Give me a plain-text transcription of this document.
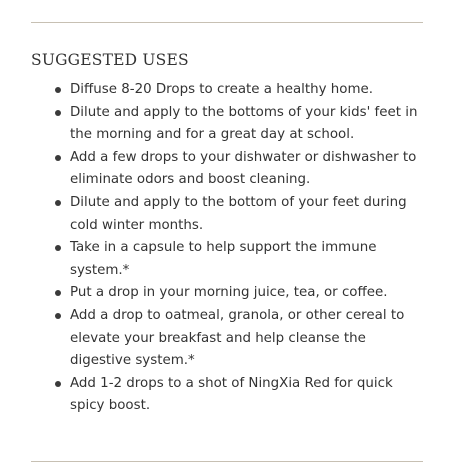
SUGGESTED USES
Diffuse 8-20 Drops to create a healthy home.
Dilute and apply to the bottoms of your kids' feet in
the morning and for a great day at school.
Add a few drops to your dishwater or dishwasher to
eliminate odors and boost cleaning.
Dilute and apply to the bottom of your feet during
cold winter months.
Take in a capsule to help support the immune
system.*
Put a drop in your morning juice, tea, or coffee.
Add a drop to oatmeal, granola, or other cereal to
elevate your breakfast and help cleanse the
digestive system.*
Add 1-2 drops to a shot of NingXia Red for quick
spicy boost.
